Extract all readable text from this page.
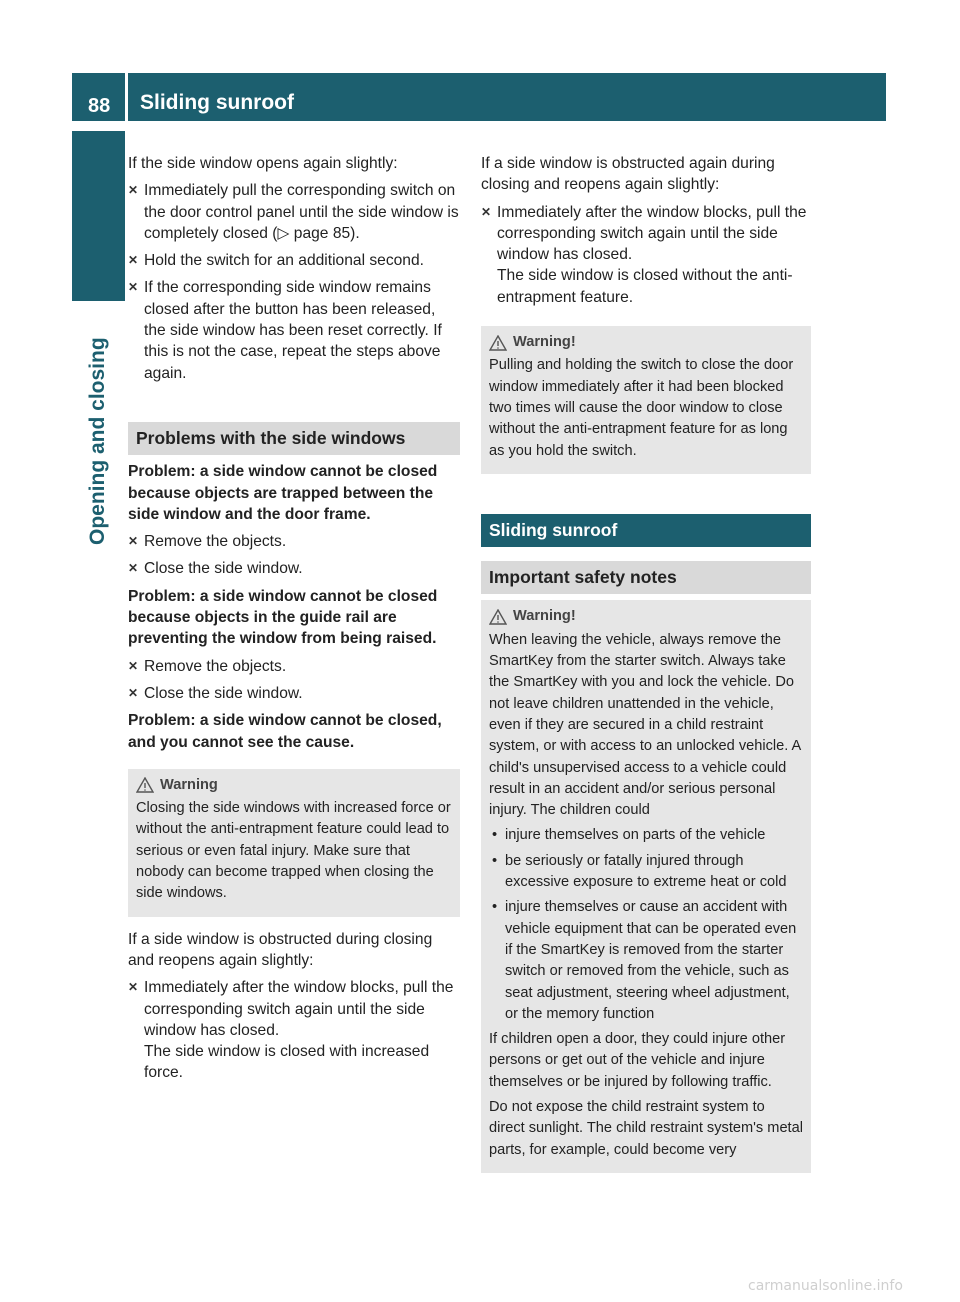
88	Sliding sunroof
Opening and closing

If the side window opens again slightly:

✕ Immediately pull the corresponding switch on the door control panel until the side window is completely closed (▷ page 85).
✕ Hold the switch for an additional second.
✕ If the corresponding side window remains closed after the button has been released, the side window has been reset correctly. If this is not the case, repeat the steps above again.
Problems with the side windows
Problem: a side window cannot be closed because objects are trapped between the side window and the door frame.
✕ Remove the objects.
✕ Close the side window.
Problem: a side window cannot be closed because objects in the guide rail are preventing the window from being raised.
✕ Remove the objects.
✕ Close the side window.
Problem: a side window cannot be closed, and you cannot see the cause.
Warning

Closing the side windows with increased force or without the anti-entrapment feature could lead to serious or even fatal injury. Make sure that nobody can become trapped when closing the side windows.

If a side window is obstructed during closing and reopens again slightly:

✕ Immediately after the window blocks, pull the corresponding switch again until the side window has closed.
The side window is closed with increased force.

If a side window is obstructed again during closing and reopens again slightly:

✕ Immediately after the window blocks, pull the corresponding switch again until the side window has closed.
The side window is closed without the anti-entrapment feature.
Warning!

Pulling and holding the switch to close the door window immediately after it had been blocked two times will cause the door window to close without the anti-entrapment feature for as long as you hold the switch.

Sliding sunroof
Important safety notes
Warning!

When leaving the vehicle, always remove the SmartKey from the starter switch. Always take the SmartKey with you and lock the vehicle. Do not leave children unattended in the vehicle, even if they are secured in a child restraint system, or with access to an unlocked vehicle. A child's unsupervised access to a vehicle could result in an accident and/or serious personal injury. The children could

• injure themselves on parts of the vehicle
• be seriously or fatally injured through excessive exposure to extreme heat or cold
• injure themselves or cause an accident with vehicle equipment that can be operated even if the SmartKey is removed from the starter switch or removed from the vehicle, such as seat adjustment, steering wheel adjustment, or the memory function

If children open a door, they could injure other persons or get out of the vehicle and injure themselves or be injured by following traffic.

Do not expose the child restraint system to direct sunlight. The child restraint system's metal parts, for example, could become very

carmanualsonline.info
